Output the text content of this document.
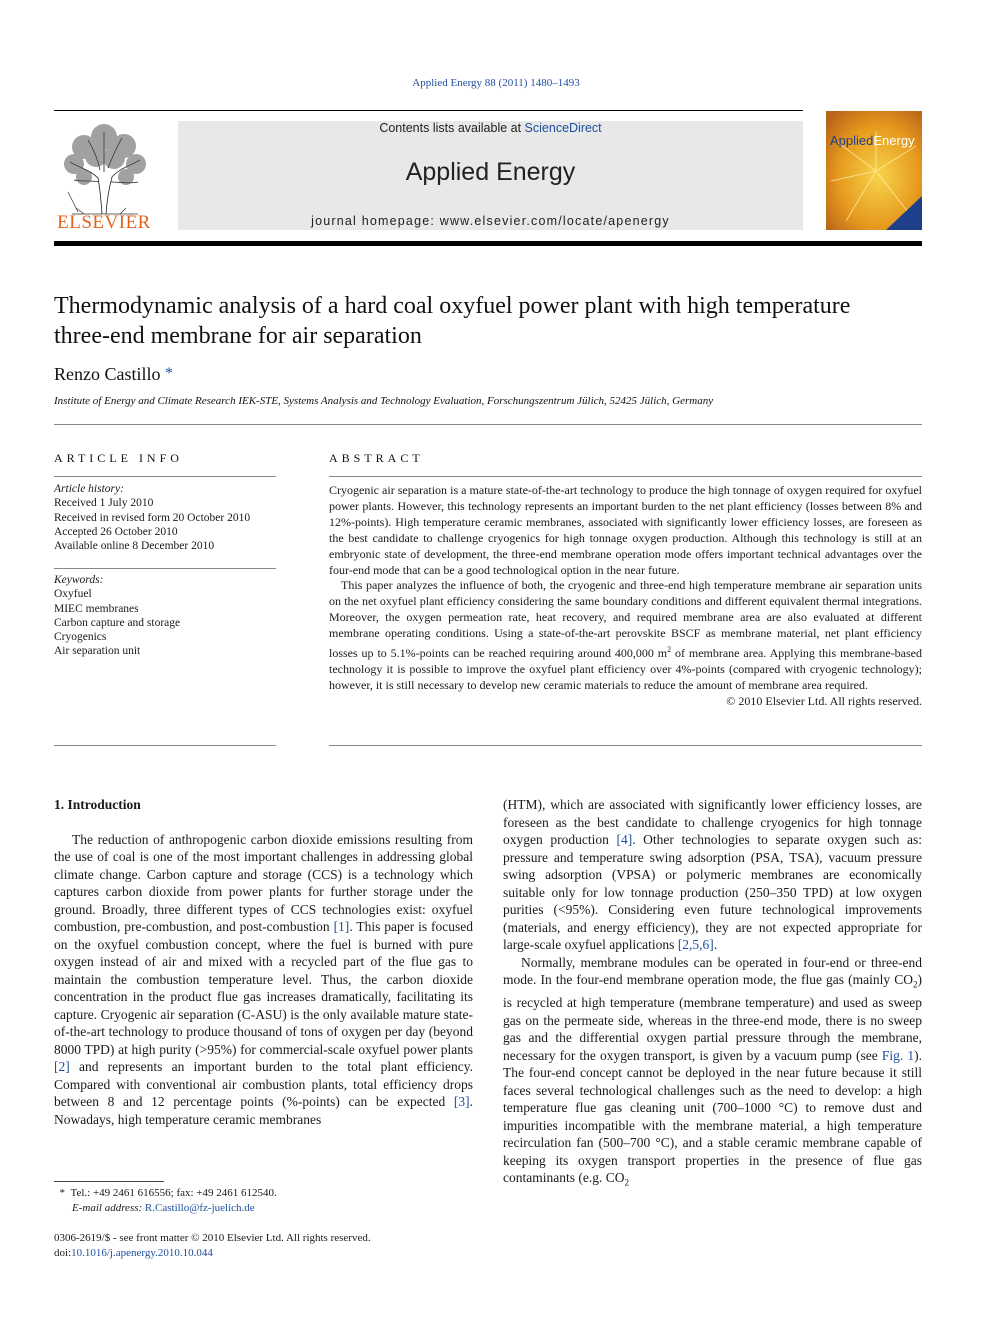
Applied Energy 88 (2011) 1480–1493
ELSEVIER
Contents lists available at ScienceDirect
Applied Energy
journal homepage: www.elsevier.com/locate/apenergy
AppliedEnergy
Thermodynamic analysis of a hard coal oxyfuel power plant with high temperature three-end membrane for air separation
Renzo Castillo *
Institute of Energy and Climate Research IEK-STE, Systems Analysis and Technology Evaluation, Forschungszentrum Jülich, 52425 Jülich, Germany
ARTICLE INFO
Article history:
Received 1 July 2010
Received in revised form 20 October 2010
Accepted 26 October 2010
Available online 8 December 2010
Keywords:
Oxyfuel
MIEC membranes
Carbon capture and storage
Cryogenics
Air separation unit
ABSTRACT

Cryogenic air separation is a mature state-of-the-art technology to produce the high tonnage of oxygen required for oxyfuel power plants. However, this technology represents an important burden to the net plant efficiency (losses between 8% and 12%-points). High temperature ceramic membranes, associated with significantly lower efficiency losses, are foreseen as the best candidate to challenge cryogenics for high tonnage oxygen production. Although this technology is still at an embryonic state of development, the three-end membrane operation mode offers important technical advantages over the four-end mode that can be a good technological option in the near future.

This paper analyzes the influence of both, the cryogenic and three-end high temperature membrane air separation units on the net oxyfuel plant efficiency considering the same boundary conditions and different equivalent thermal integrations. Moreover, the oxygen permeation rate, heat recovery, and required membrane area are also evaluated at different membrane operating conditions. Using a state-of-the-art perovskite BSCF as membrane material, net plant efficiency losses up to 5.1%-points can be reached requiring around 400,000 $m^2$ of membrane area. Applying this membrane-based technology it is possible to improve the oxyfuel plant efficiency over 4%-points (compared with cryogenic technology); however, it is still necessary to develop new ceramic materials to reduce the amount of membrane area required.

© 2010 Elsevier Ltd. All rights reserved.

1. Introduction

The reduction of anthropogenic carbon dioxide emissions resulting from the use of coal is one of the most important challenges in addressing global climate change. Carbon capture and storage (CCS) is a technology which captures carbon dioxide from power plants for further storage under the ground. Broadly, three different types of CCS technologies exist: oxyfuel combustion, pre-combustion, and post-combustion [1]. This paper is focused on the oxyfuel combustion concept, where the fuel is burned with pure oxygen instead of air and mixed with a recycled part of the flue gas to maintain the combustion temperature level. Thus, the carbon dioxide concentration in the product flue gas increases dramatically, facilitating its capture. Cryogenic air separation (C-ASU) is the only available mature state-of-the-art technology to produce thousand of tons of oxygen per day (beyond 8000 TPD) at high purity (>95%) for commercial-scale oxyfuel power plants [2] and represents an important burden to the total plant efficiency. Compared with conventional air combustion plants, total efficiency drops between 8 and 12 percentage points (%-points) can be expected [3]. Nowadays, high temperature ceramic membranes

(HTM), which are associated with significantly lower efficiency losses, are foreseen as the best candidate to challenge cryogenics for high tonnage oxygen production [4]. Other technologies to separate oxygen such as: pressure and temperature swing adsorption (PSA, TSA), vacuum pressure swing adsorption (VPSA) or polymeric membranes are economically suitable only for low tonnage production (250–350 TPD) at low oxygen purities (<95%). Considering even future technological improvements (materials, and energy efficiency), they are not expected appropriate for large-scale oxyfuel applications [2,5,6].

Normally, membrane modules can be operated in four-end or three-end mode. In the four-end membrane operation mode, the flue gas (mainly $CO_2$) is recycled at high temperature (membrane temperature) and used as sweep gas on the permeate side, whereas in the three-end mode, there is no sweep gas and the differential oxygen partial pressure through the membrane, necessary for the oxygen transport, is given by a vacuum pump (see Fig. 1). The four-end concept cannot be deployed in the near future because it still faces several technological challenges such as the need to develop: a high temperature flue gas cleaning unit (700–1000 °C) to remove dust and impurities incompatible with the membrane material, a high temperature recirculation fan (500–700 °C), and a stable ceramic membrane capable of keeping its oxygen transport properties in the presence of flue gas contaminants (e.g. $CO_2$

* Tel.: +49 2461 616556; fax: +49 2461 612540.
E-mail address: R.Castillo@fz-juelich.de
0306-2619/$ - see front matter © 2010 Elsevier Ltd. All rights reserved.
doi:10.1016/j.apenergy.2010.10.044
